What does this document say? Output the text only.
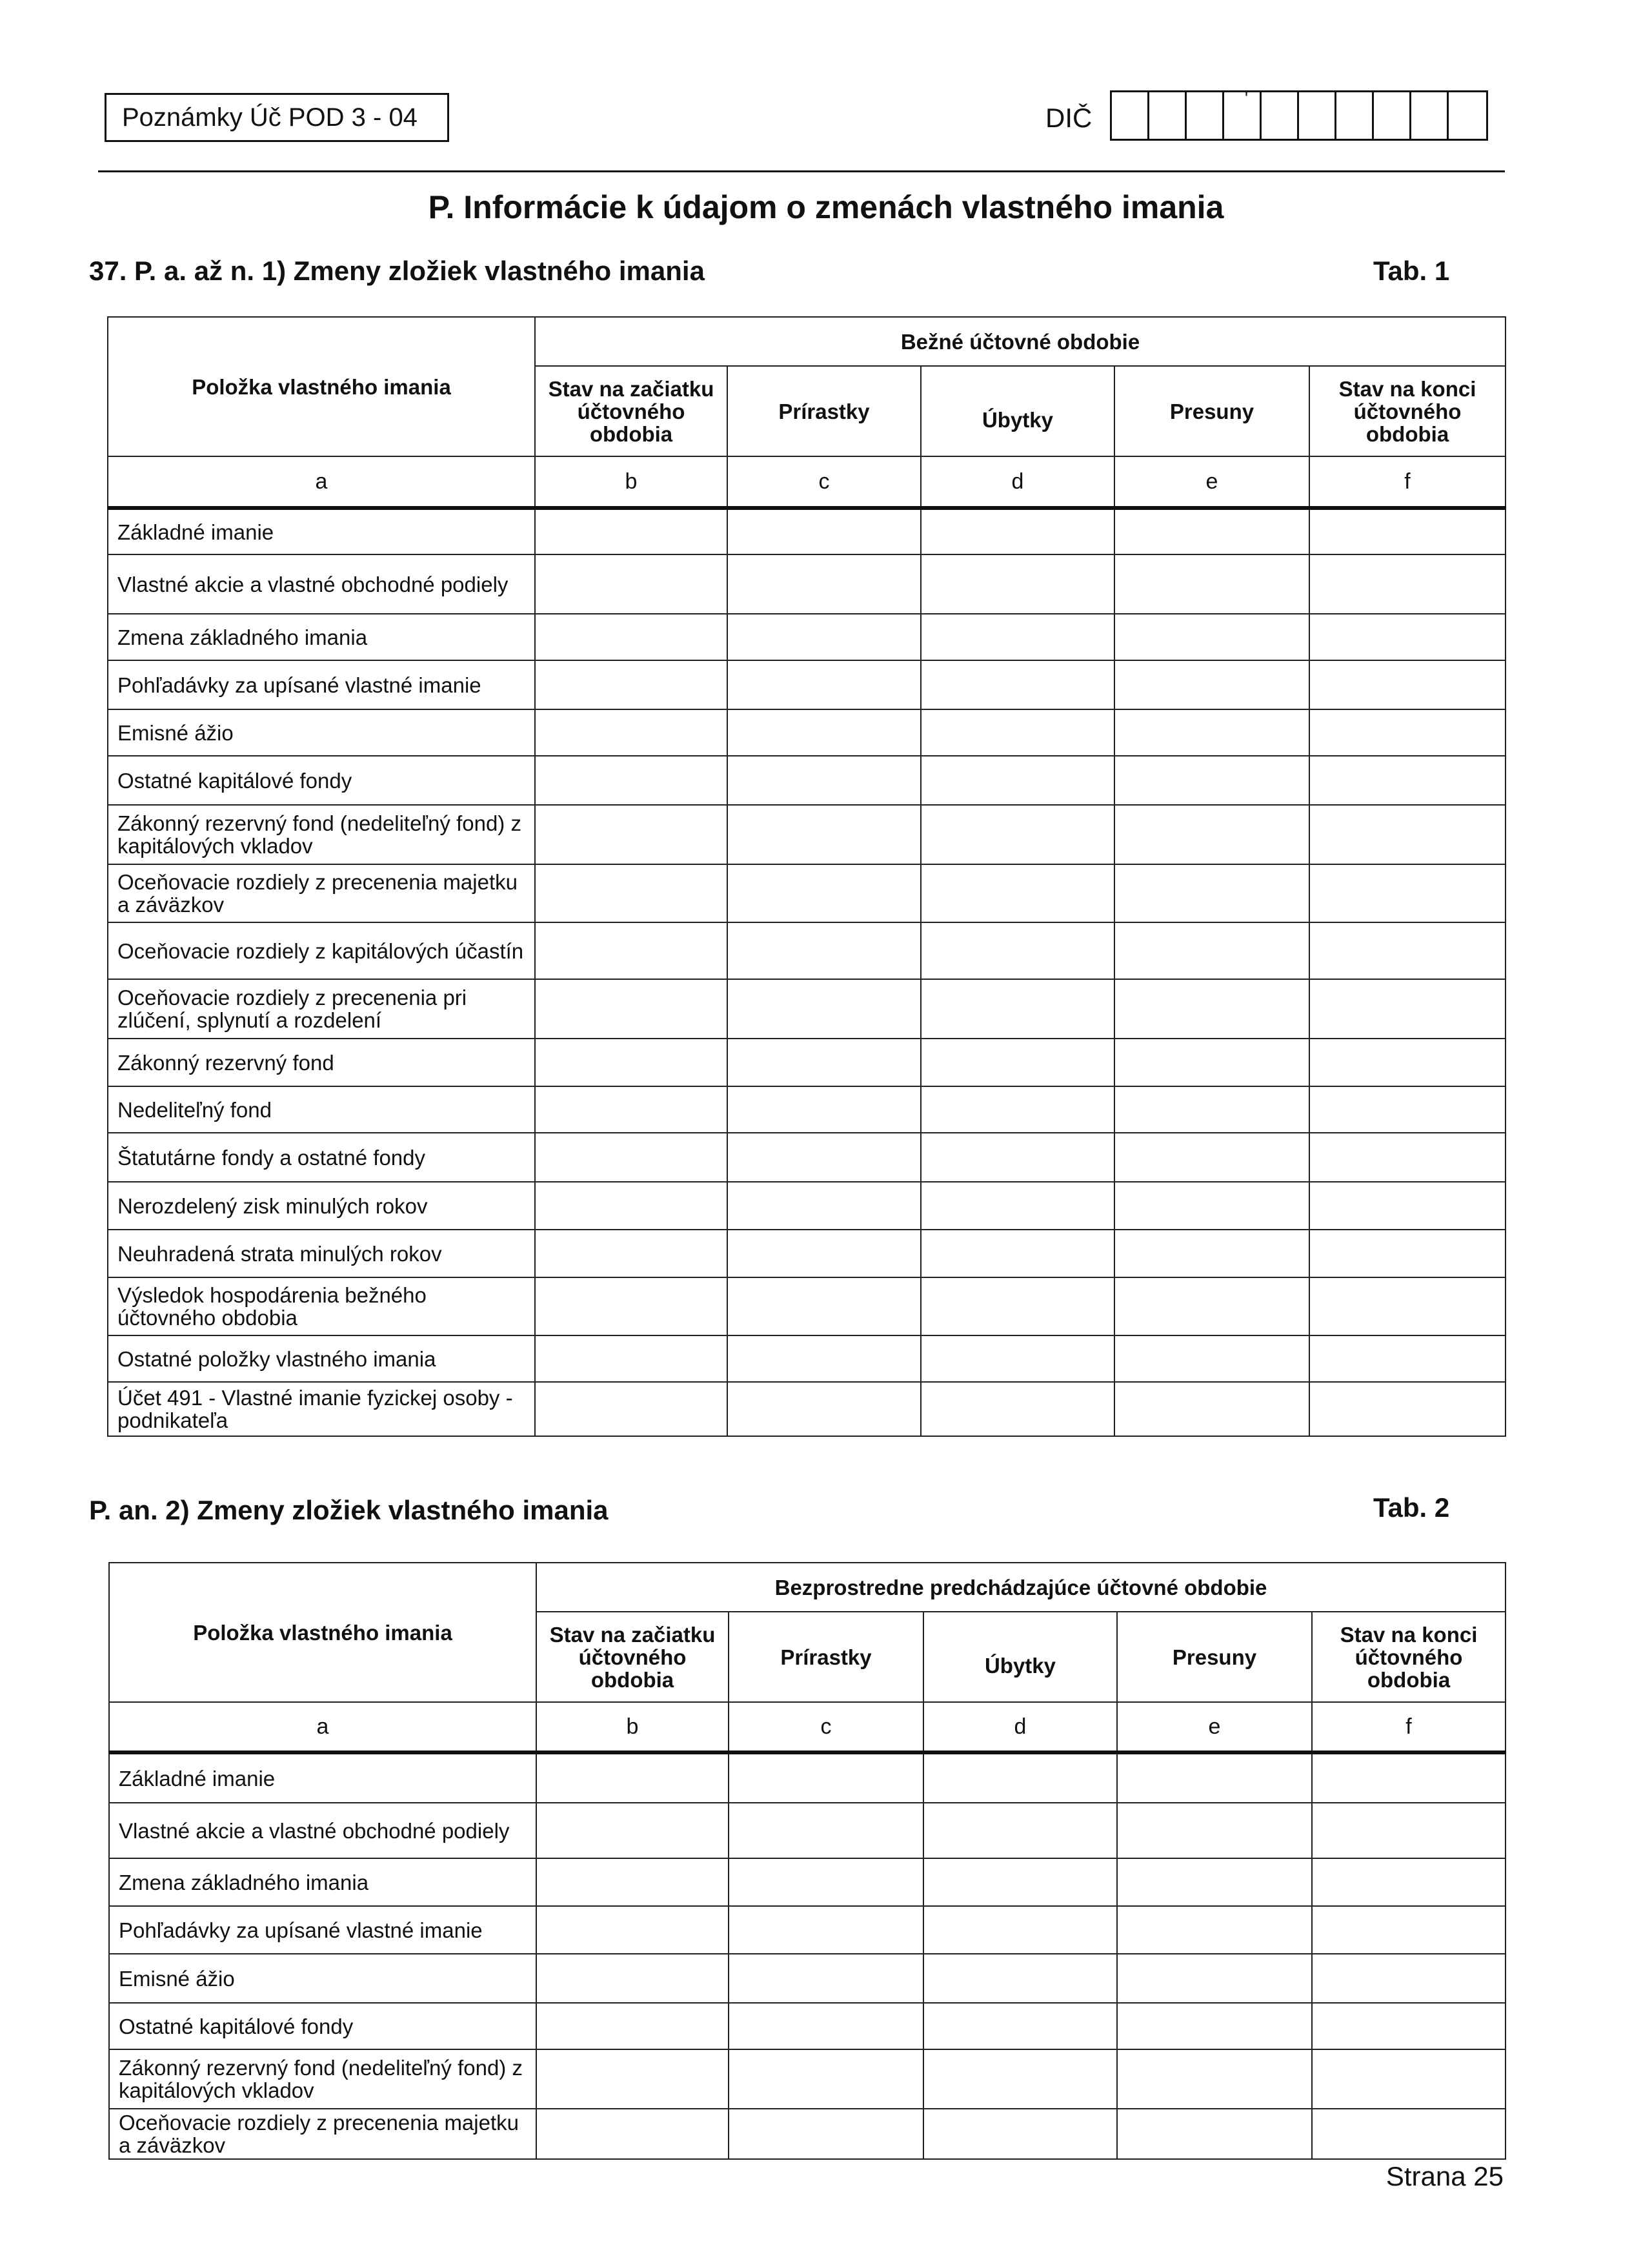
Poznámky Úč POD 3 - 04	DIČ
'
P. Informácie k údajom o zmenách vlastného imania
37. P. a. až n. 1) Zmeny zložiek vlastného imania	Tab. 1
Položka vlastného imania	Bežné účtovné obdobie				
	Stav na začiatku účtovného obdobia	Prírastky	Úbytky	Presuny	Stav na konci účtovného obdobia
a	b	c	d	e	f
Základné imanie					
Vlastné akcie a vlastné obchodné podiely					
Zmena základného imania					
Pohľadávky za upísané vlastné imanie					
Emisné ážio					
Ostatné kapitálové fondy					
Zákonný rezervný fond (nedeliteľný fond) z kapitálových vkladov					
Oceňovacie rozdiely z precenenia majetku a záväzkov					
Oceňovacie rozdiely z kapitálových účastín					
Oceňovacie rozdiely z precenenia pri zlúčení, splynutí a rozdelení					
Zákonný rezervný fond					
Nedeliteľný fond					
Štatutárne fondy a ostatné fondy					
Nerozdelený zisk minulých rokov					
Neuhradená strata minulých rokov					
Výsledok hospodárenia bežného účtovného obdobia					
Ostatné položky vlastného imania					
Účet 491 - Vlastné imanie fyzickej osoby - podnikateľa					
P. an. 2) Zmeny zložiek vlastného imania	Tab. 2
Položka vlastného imania	Bezprostredne predchádzajúce účtovné obdobie				
	Stav na začiatku účtovného obdobia	Prírastky	Úbytky	Presuny	Stav na konci účtovného obdobia
a	b	c	d	e	f
Základné imanie					
Vlastné akcie a vlastné obchodné podiely					
Zmena základného imania					
Pohľadávky za upísané vlastné imanie					
Emisné ážio					
Ostatné kapitálové fondy					
Zákonný rezervný fond (nedeliteľný fond) z kapitálových vkladov					
Oceňovacie rozdiely z precenenia majetku a záväzkov					
Strana 25
